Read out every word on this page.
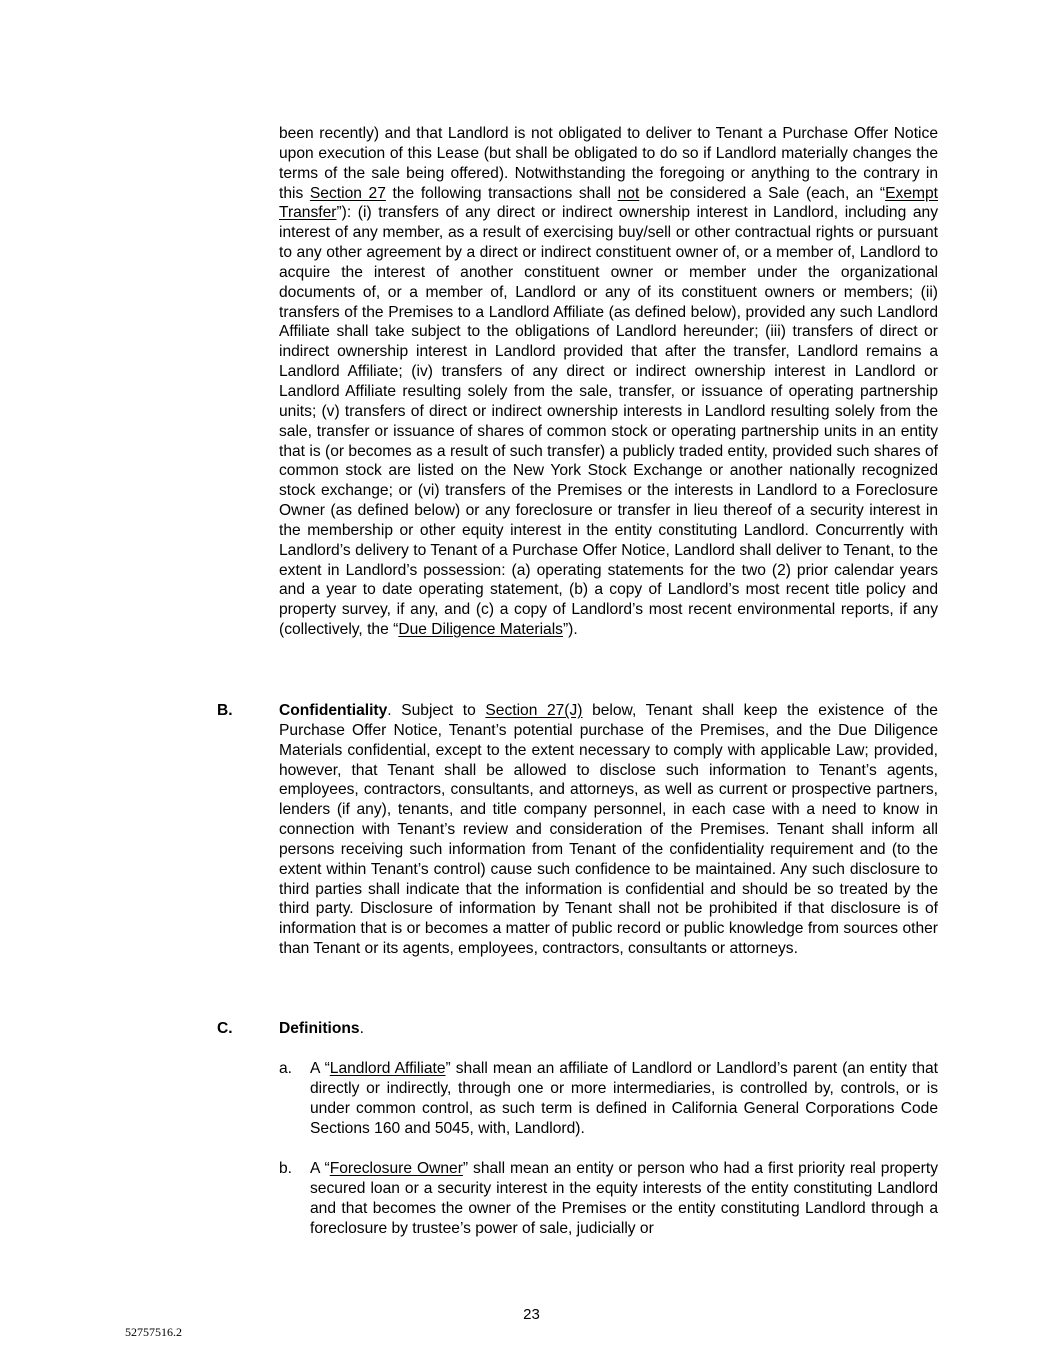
been recently) and that Landlord is not obligated to deliver to Tenant a Purchase Offer Notice upon execution of this Lease (but shall be obligated to do so if Landlord materially changes the terms of the sale being offered). Notwithstanding the foregoing or anything to the contrary in this Section 27 the following transactions shall not be considered a Sale (each, an “Exempt Transfer”): (i) transfers of any direct or indirect ownership interest in Landlord, including any interest of any member, as a result of exercising buy/sell or other contractual rights or pursuant to any other agreement by a direct or indirect constituent owner of, or a member of, Landlord to acquire the interest of another constituent owner or member under the organizational documents of, or a member of, Landlord or any of its constituent owners or members; (ii) transfers of the Premises to a Landlord Affiliate (as defined below), provided any such Landlord Affiliate shall take subject to the obligations of Landlord hereunder; (iii) transfers of direct or indirect ownership interest in Landlord provided that after the transfer, Landlord remains a Landlord Affiliate; (iv) transfers of any direct or indirect ownership interest in Landlord or Landlord Affiliate resulting solely from the sale, transfer, or issuance of operating partnership units; (v) transfers of direct or indirect ownership interests in Landlord resulting solely from the sale, transfer or issuance of shares of common stock or operating partnership units in an entity that is (or becomes as a result of such transfer) a publicly traded entity, provided such shares of common stock are listed on the New York Stock Exchange or another nationally recognized stock exchange; or (vi) transfers of the Premises or the interests in Landlord to a Foreclosure Owner (as defined below) or any foreclosure or transfer in lieu thereof of a security interest in the membership or other equity interest in the entity constituting Landlord. Concurrently with Landlord’s delivery to Tenant of a Purchase Offer Notice, Landlord shall deliver to Tenant, to the extent in Landlord’s possession: (a) operating statements for the two (2) prior calendar years and a year to date operating statement, (b) a copy of Landlord’s most recent title policy and property survey, if any, and (c) a copy of Landlord’s most recent environmental reports, if any (collectively, the “Due Diligence Materials”).

B.	Confidentiality. Subject to Section 27(J) below, Tenant shall keep the existence of the Purchase Offer Notice, Tenant’s potential purchase of the Premises, and the Due Diligence Materials confidential, except to the extent necessary to comply with applicable Law; provided, however, that Tenant shall be allowed to disclose such information to Tenant’s agents, employees, contractors, consultants, and attorneys, as well as current or prospective partners, lenders (if any), tenants, and title company personnel, in each case with a need to know in connection with Tenant’s review and consideration of the Premises. Tenant shall inform all persons receiving such information from Tenant of the confidentiality requirement and (to the extent within Tenant’s control) cause such confidence to be maintained. Any such disclosure to third parties shall indicate that the information is confidential and should be so treated by the third party. Disclosure of information by Tenant shall not be prohibited if that disclosure is of information that is or becomes a matter of public record or public knowledge from sources other than Tenant or its agents, employees, contractors, consultants or attorneys.

C.	Definitions.

a. A “Landlord Affiliate” shall mean an affiliate of Landlord or Landlord’s parent (an entity that directly or indirectly, through one or more intermediaries, is controlled by, controls, or is under common control, as such term is defined in California General Corporations Code Sections 160 and 5045, with, Landlord).

b. A “Foreclosure Owner” shall mean an entity or person who had a first priority real property secured loan or a security interest in the equity interests of the entity constituting Landlord and that becomes the owner of the Premises or the entity constituting Landlord through a foreclosure by trustee’s power of sale, judicially or

23
52757516.2
